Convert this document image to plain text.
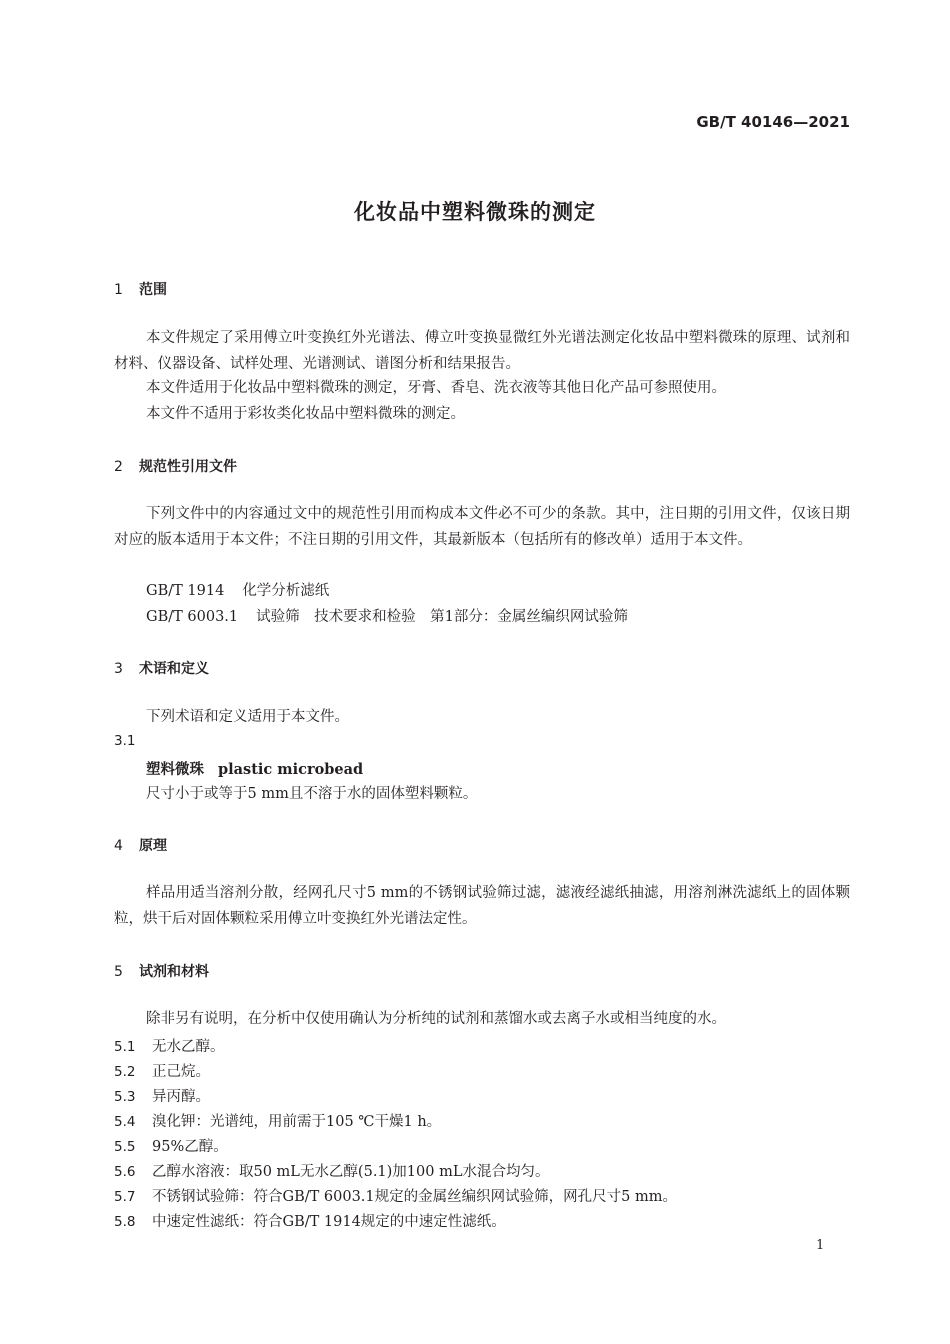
GB/T 40146—2021
化妆品中塑料微珠的测定
1 范围
本文件规定了采用傅立叶变换红外光谱法、傅立叶变换显微红外光谱法测定化妆品中塑料微珠的原理、试剂和材料、仪器设备、试样处理、光谱测试、谱图分析和结果报告。
本文件适用于化妆品中塑料微珠的测定，牙膏、香皂、洗衣液等其他日化产品可参照使用。
本文件不适用于彩妆类化妆品中塑料微珠的测定。
2 规范性引用文件
下列文件中的内容通过文中的规范性引用而构成本文件必不可少的条款。其中，注日期的引用文件，仅该日期对应的版本适用于本文件；不注日期的引用文件，其最新版本（包括所有的修改单）适用于本文件。
GB/T 1914 化学分析滤纸
GB/T 6003.1 试验筛　技术要求和检验　第1部分：金属丝编织网试验筛
3 术语和定义
下列术语和定义适用于本文件。
3.1
塑料微珠 plastic microbead
尺寸小于或等于5 mm且不溶于水的固体塑料颗粒。
4 原理
样品用适当溶剂分散，经网孔尺寸5 mm的不锈钢试验筛过滤，滤液经滤纸抽滤，用溶剂淋洗滤纸上的固体颗粒，烘干后对固体颗粒采用傅立叶变换红外光谱法定性。
5 试剂和材料
除非另有说明，在分析中仅使用确认为分析纯的试剂和蒸馏水或去离子水或相当纯度的水。
5.1 无水乙醇。
5.2 正己烷。
5.3 异丙醇。
5.4 溴化钾：光谱纯，用前需于105 ℃干燥1 h。
5.5 95%乙醇。
5.6 乙醇水溶液：取50 mL无水乙醇(5.1)加100 mL水混合均匀。
5.7 不锈钢试验筛：符合GB/T 6003.1规定的金属丝编织网试验筛，网孔尺寸5 mm。
5.8 中速定性滤纸：符合GB/T 1914规定的中速定性滤纸。
1
